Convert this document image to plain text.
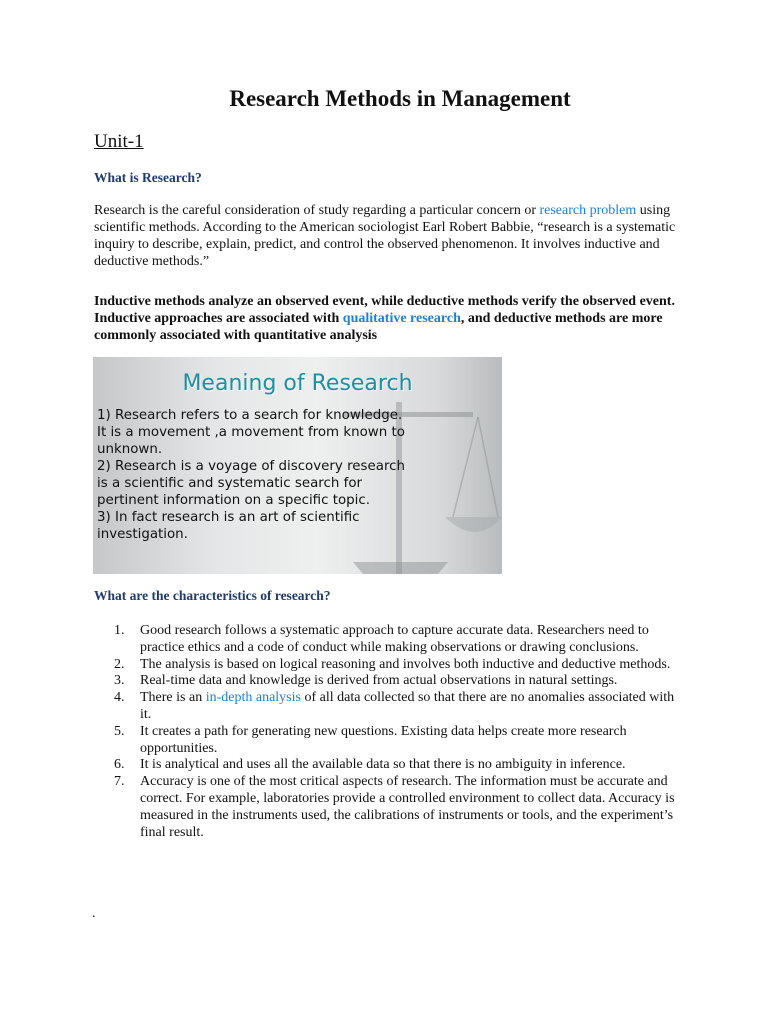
Research Methods in Management
Unit-1
What is Research?

Research is the careful consideration of study regarding a particular concern or research problem using scientific methods. According to the American sociologist Earl Robert Babbie, “research is a systematic inquiry to describe, explain, predict, and control the observed phenomenon. It involves inductive and deductive methods.”

Inductive methods analyze an observed event, while deductive methods verify the observed event. Inductive approaches are associated with qualitative research, and deductive methods are more commonly associated with quantitative analysis

Meaning of Research
1) Research refers to a search for knowledge.
It is a movement ,a movement from known to
unknown.
2) Research is a voyage of discovery research
is a scientific and systematic search for
pertinent information on a specific topic.
3) In fact research is an art of scientific
investigation.
What are the characteristics of research?
1. Good research follows a systematic approach to capture accurate data. Researchers need to practice ethics and a code of conduct while making observations or drawing conclusions.
2. The analysis is based on logical reasoning and involves both inductive and deductive methods.
3. Real-time data and knowledge is derived from actual observations in natural settings.
4. There is an in-depth analysis of all data collected so that there are no anomalies associated with it.
5. It creates a path for generating new questions. Existing data helps create more research opportunities.
6. It is analytical and uses all the available data so that there is no ambiguity in inference.
7. Accuracy is one of the most critical aspects of research. The information must be accurate and correct. For example, laboratories provide a controlled environment to collect data. Accuracy is measured in the instruments used, the calibrations of instruments or tools, and the experiment’s final result.
.
